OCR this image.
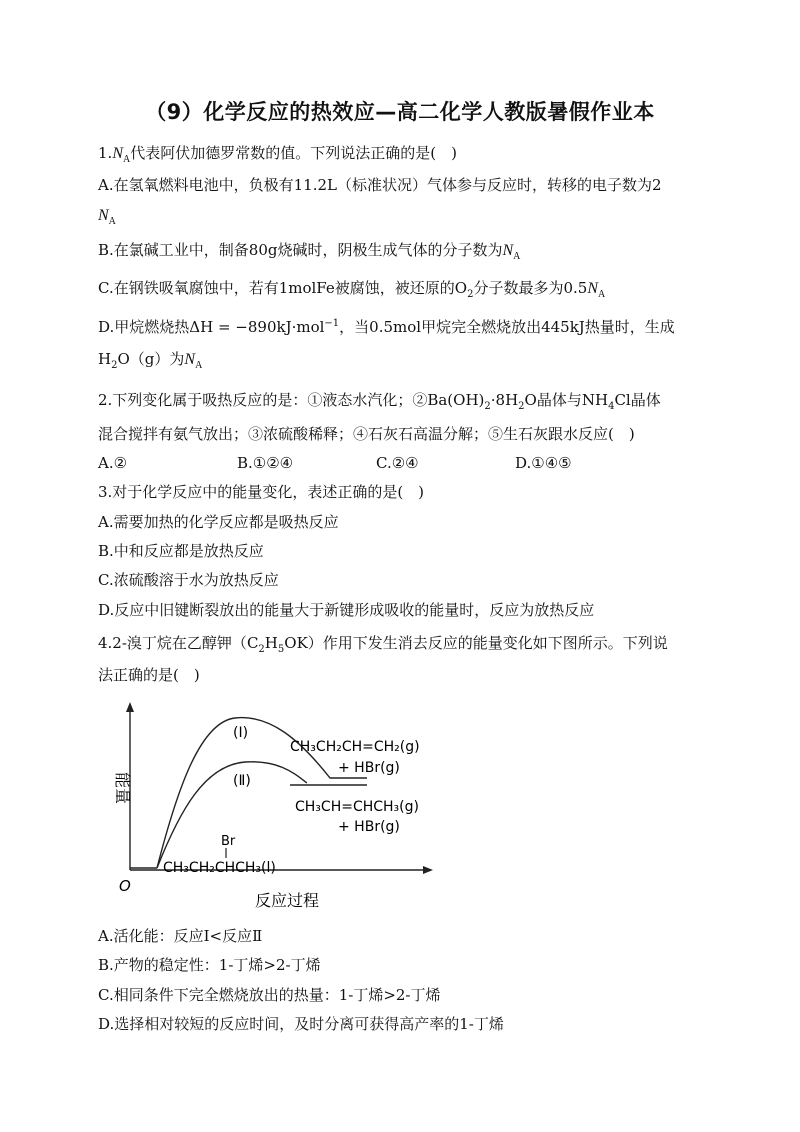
（9）化学反应的热效应—高二化学人教版暑假作业本
$1.N_A$代表阿伏加德罗常数的值。下列说法正确的是(　)
A.在氢氧燃料电池中，负极有11.2L（标准状况）气体参与反应时，转移的电子数为2
$N_A$
B.在氯碱工业中，制备80g烧碱时，阴极生成气体的分子数为$N_A$
C.在钢铁吸氧腐蚀中，若有1molFe被腐蚀，被还原的$O_2$分子数最多为$0.5N_A$
D.甲烷燃烧热ΔH = −890kJ·mol$^{-1}$，当0.5mol甲烷完全燃烧放出445kJ热量时，生成
$H_2O(g)$为$N_A$
2.下列变化属于吸热反应的是：①液态水汽化；$②Ba(OH)_2\cdot 8H_2O$晶体与$NH_4Cl$晶体
混合搅拌有氨气放出；③浓硫酸稀释；④石灰石高温分解；⑤生石灰跟水反应(　)
A.②	B.①②④	C.②④	D.①④⑤
3.对于化学反应中的能量变化，表述正确的是(　)
A.需要加热的化学反应都是吸热反应
B.中和反应都是放热反应
C.浓硫酸溶于水为放热反应
D.反应中旧键断裂放出的能量大于新键形成吸收的能量时，反应为放热反应
4.2-溴丁烷在乙醇钾$(C_2H_5OK)$作用下发生消去反应的能量变化如下图所示。下列说
法正确的是(　)
O
能量
反应过程
(Ⅰ)
(Ⅱ)
CH₃CH₂CH=CH₂(g)
+ HBr(g)
CH₃CH=CHCH₃(g)
+ HBr(g)
Br
CH₃CH₂CHCH₃(l)
A.活化能：反应Ⅰ<反应Ⅱ
B.产物的稳定性：1-丁烯>2-丁烯
C.相同条件下完全燃烧放出的热量：1-丁烯>2-丁烯
D.选择相对较短的反应时间，及时分离可获得高产率的1-丁烯
